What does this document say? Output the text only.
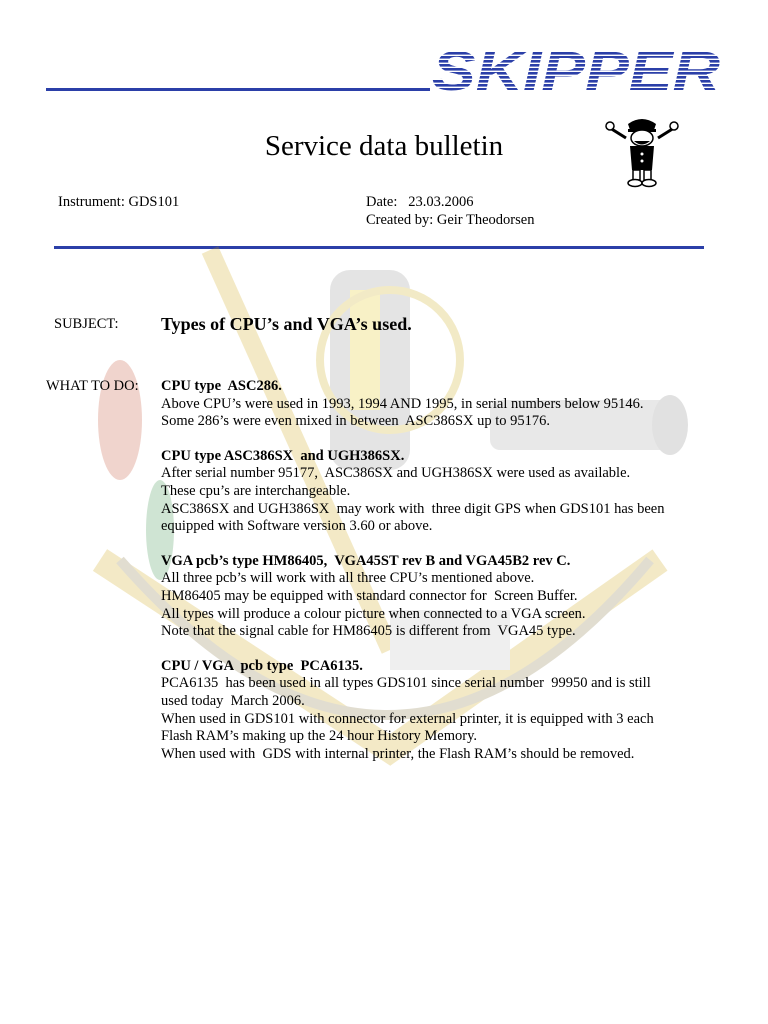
SKIPPER
Service data bulletin
Instrument: GDS101	Date:   23.03.2006
Created by: Geir Theodorsen
SUBJECT: Types of CPU’s and VGA’s used.
WHAT TO DO: CPU type  ASC286.
Above CPU’s were used in 1993, 1994 AND 1995, in serial numbers below 95146.
Some 286’s were even mixed in between  ASC386SX up to 95176.
CPU type ASC386SX  and UGH386SX.
After serial number 95177,  ASC386SX and UGH386SX were used as available.
These cpu’s are interchangeable.
ASC386SX and UGH386SX  may work with  three digit GPS when GDS101 has been
equipped with Software version 3.60 or above.
VGA pcb’s type HM86405,  VGA45ST rev B and VGA45B2 rev C.
All three pcb’s will work with all three CPU’s mentioned above.
HM86405 may be equipped with standard connector for  Screen Buffer.
All types will produce a colour picture when connected to a VGA screen.
Note that the signal cable for HM86405 is different from  VGA45 type.
CPU / VGA  pcb type  PCA6135.
PCA6135  has been used in all types GDS101 since serial number  99950 and is still
used today  March 2006.
When used in GDS101 with connector for external printer, it is equipped with 3 each
Flash RAM’s making up the 24 hour History Memory.
When used with  GDS with internal printer, the Flash RAM’s should be removed.
